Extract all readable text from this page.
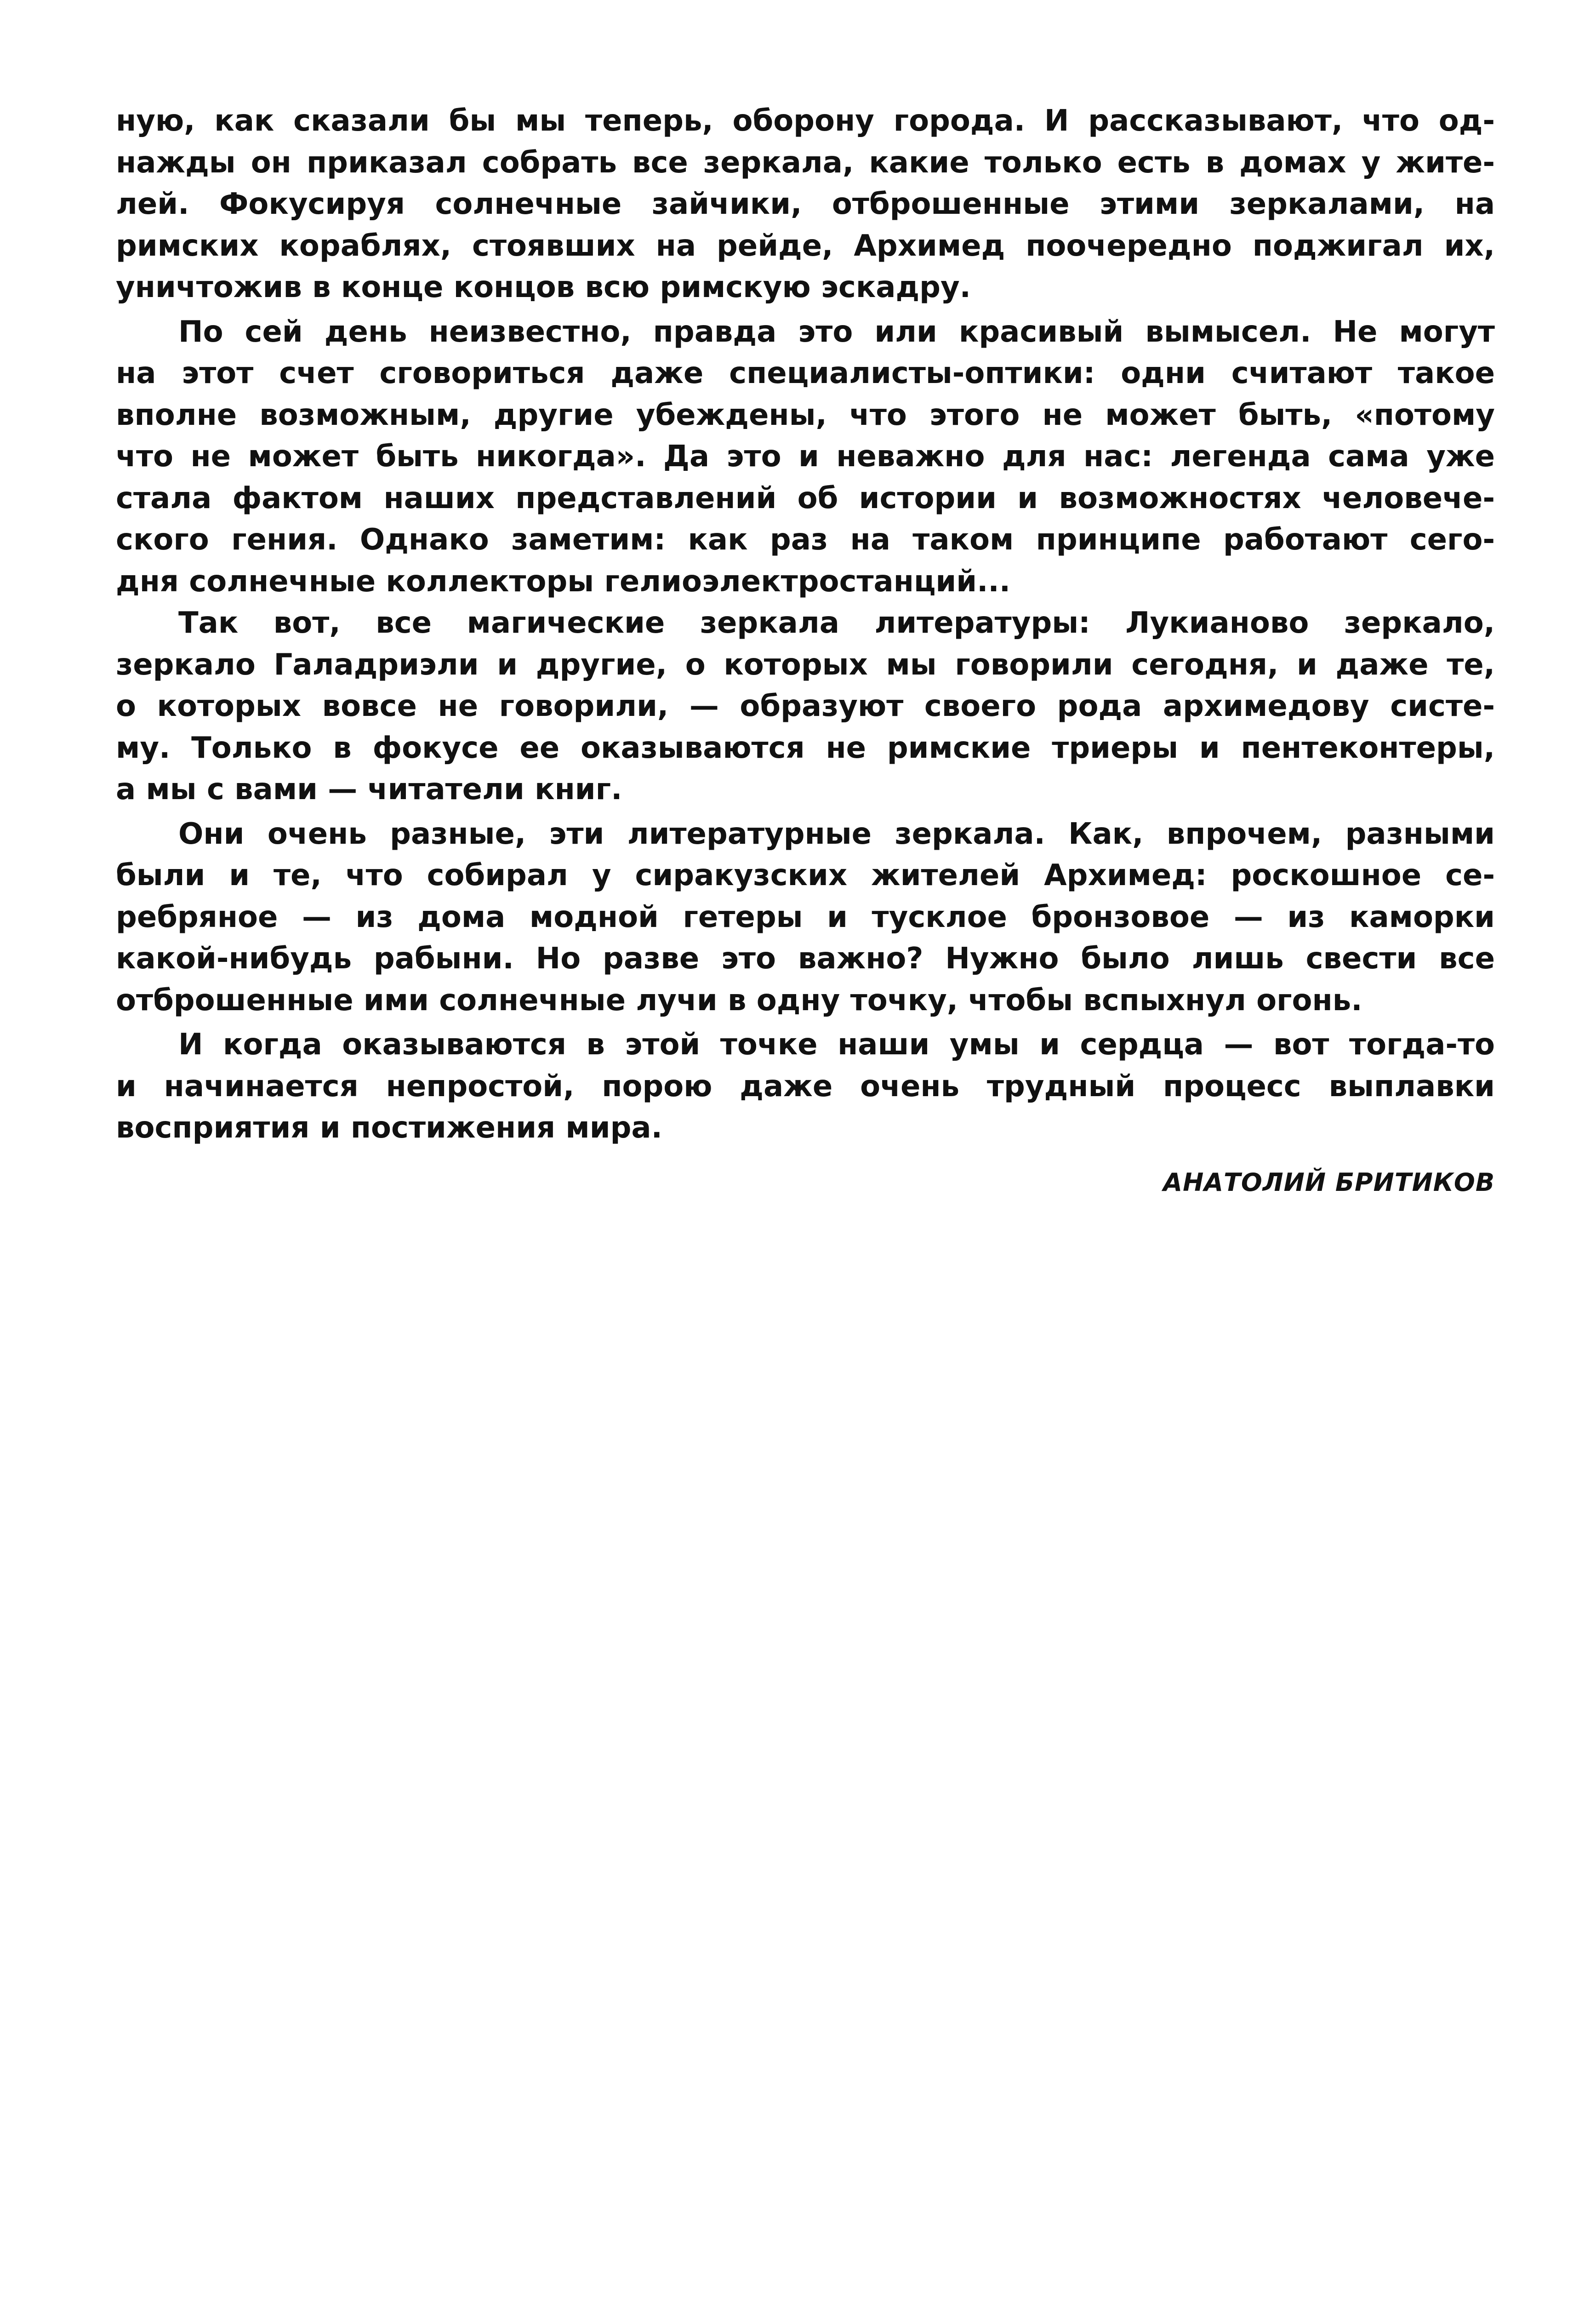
ную, как сказали бы мы теперь, оборону города. И рассказывают, что од-
нажды он приказал собрать все зеркала, какие только есть в домах у жите-
лей. Фокусируя солнечные зайчики, отброшенные этими зеркалами, на
римских кораблях, стоявших на рейде, Архимед поочередно поджигал их,
уничтожив в конце концов всю римскую эскадру.
По сей день неизвестно, правда это или красивый вымысел. Не могут
на этот счет сговориться даже специалисты-оптики: одни считают такое
вполне возможным, другие убеждены, что этого не может быть, «потому
что не может быть никогда». Да это и неважно для нас: легенда сама уже
стала фактом наших представлений об истории и возможностях человече-
ского гения. Однако заметим: как раз на таком принципе работают сего-
дня солнечные коллекторы гелиоэлектростанций...
Так вот, все магические зеркала литературы: Лукианово зеркало,
зеркало Галадриэли и другие, о которых мы говорили сегодня, и даже те,
о которых вовсе не говорили, — образуют своего рода архимедову систе-
му. Только в фокусе ее оказываются не римские триеры и пентеконтеры,
а мы с вами — читатели книг.
Они очень разные, эти литературные зеркала. Как, впрочем, разными
были и те, что собирал у сиракузских жителей Архимед: роскошное се-
ребряное — из дома модной гетеры и тусклое бронзовое — из каморки
какой-нибудь рабыни. Но разве это важно? Нужно было лишь свести все
отброшенные ими солнечные лучи в одну точку, чтобы вспыхнул огонь.
И когда оказываются в этой точке наши умы и сердца — вот тогда-то
и начинается непростой, порою даже очень трудный процесс выплавки
восприятия и постижения мира.
АНАТОЛИЙ БРИТИКОВ
